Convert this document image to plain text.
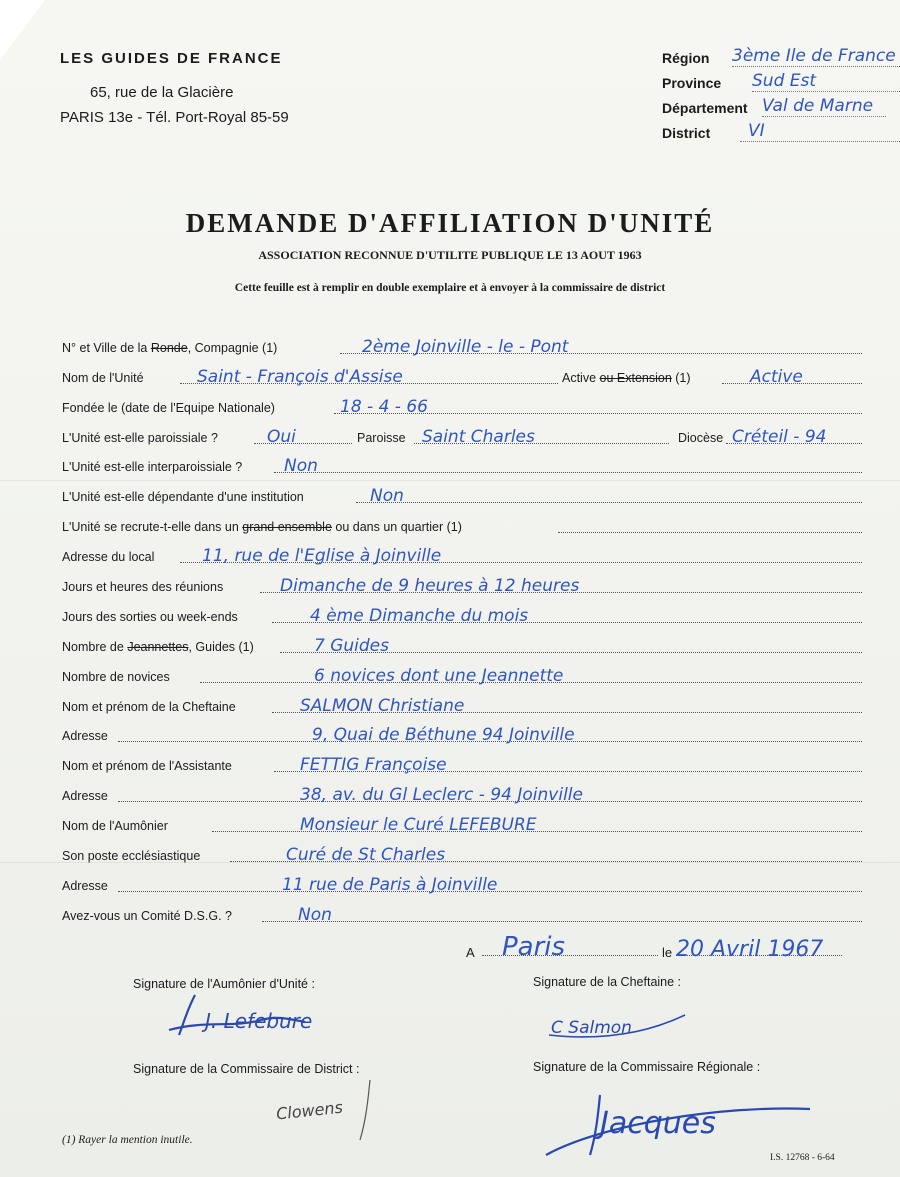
LES GUIDES DE FRANCE
65, rue de la Glacière
PARIS 13e - Tél. Port-Royal 85-59
Région 3ème Ile de France
Province Sud Est
Département Val de Marne
District	VI
DEMANDE D'AFFILIATION D'UNITÉ
ASSOCIATION RECONNUE D'UTILITE PUBLIQUE LE 13 AOUT 1963
Cette feuille est à remplir en double exemplaire et à envoyer à la commissaire de district
N° et Ville de la Ronde, Compagnie (1)	2ème Joinville - le - Pont
Nom de l'Unité	Saint - François d'Assise	Active ou Extension (1)	Active
Fondée le (date de l'Equipe Nationale)	18 - 4 - 66
L'Unité est-elle paroissiale ?	Oui	Paroisse Saint Charles	Diocèse Créteil - 94
L'Unité est-elle interparoissiale ? Non
L'Unité est-elle dépendante d'une institution	Non
L'Unité se recrute-t-elle dans un grand ensemble ou dans un quartier (1)
Adresse du local	11, rue de l'Eglise à Joinville
Jours et heures des réunions	Dimanche de 9 heures à 12 heures
Jours des sorties ou week-ends	4 ème Dimanche du mois
Nombre de Jeannettes, Guides (1)	7 Guides
Nombre de novices	6 novices dont une Jeannette
Nom et prénom de la Cheftaine	SALMON Christiane
Adresse	9, Quai de Béthune 94 Joinville
Nom et prénom de l'Assistante	FETTIG Françoise
Adresse	38, av. du Gl Leclerc - 94 Joinville
Nom de l'Aumônier	Monsieur le Curé LEFEBURE
Son poste ecclésiastique	Curé de St Charles
Adresse	11 rue de Paris à Joinville
Avez-vous un Comité D.S.G. ?	Non
A Paris	le 20 Avril 1967
Signature de l'Aumônier d'Unité :	Signature de la Cheftaine :
Signature de la Commissaire de District :	Signature de la Commissaire Régionale :
J. Lefebure	C Salmon
Clowens	Jacques
(1) Rayer la mention inutile.
I.S. 12768 - 6-64
